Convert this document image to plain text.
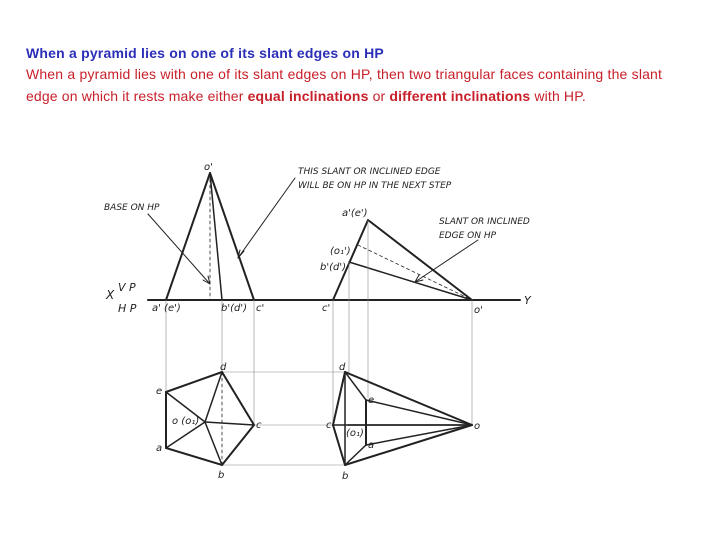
When a pyramid lies on one of its slant edges on HP
When a pyramid lies with one of its slant edges on HP, then two triangular faces containing the slant edge on which it rests make either equal inclinations or different inclinations with HP.
o'	THIS SLANT OR INCLINED EDGE
WILL BE ON HP IN THE NEXT STEP
BASE ON HP
X
V P
H P a' (e')	b'(d') c'
a'(e')
SLANT OR INCLINED
EDGE ON HP
(o₁')
b'(d')
c'	o'
Y
d
e
o (o₁)	c
a
b
d
e
c
(o₁)
a
o
b
